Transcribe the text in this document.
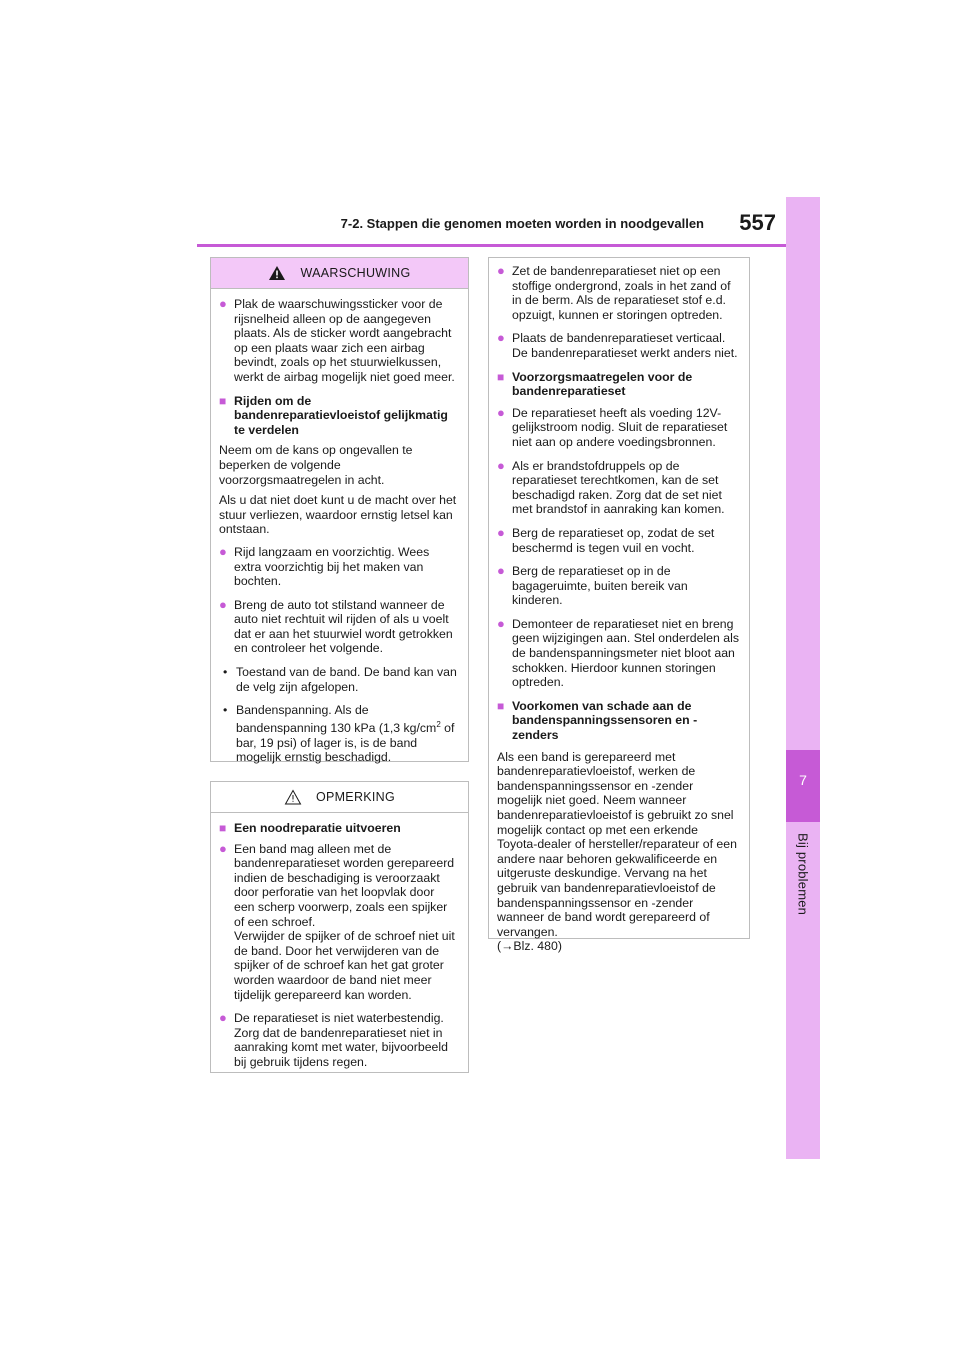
7
Bij problemen
7-2. Stappen die genomen moeten worden in noodgevallen	557
WAARSCHUWING
● Plak de waarschuwingssticker voor de rijsnelheid alleen op de aangegeven plaats. Als de sticker wordt aangebracht op een plaats waar zich een airbag bevindt, zoals op het stuurwielkussen, werkt de airbag mogelijk niet goed meer.
■ Rijden om de bandenreparatievloeistof gelijkmatig te verdelen
Neem om de kans op ongevallen te beperken de volgende voorzorgsmaatregelen in acht.
Als u dat niet doet kunt u de macht over het stuur verliezen, waardoor ernstig letsel kan ontstaan.
● Rijd langzaam en voorzichtig. Wees extra voorzichtig bij het maken van bochten.
● Breng de auto tot stilstand wanneer de auto niet rechtuit wil rijden of als u voelt dat er aan het stuurwiel wordt getrokken en controleer het volgende.
• Toestand van de band. De band kan van de velg zijn afgelopen.
• Bandenspanning. Als de bandenspanning 130 kPa (1,3 $kg/cm^2$ of bar, 19 psi) of lager is, is de band mogelijk ernstig beschadigd.
OPMERKING
■ Een noodreparatie uitvoeren
● Een band mag alleen met de bandenreparatieset worden gerepareerd indien de beschadiging is veroorzaakt door perforatie van het loopvlak door een scherp voorwerp, zoals een spijker of een schroef.
Verwijder de spijker of de schroef niet uit de band. Door het verwijderen van de spijker of de schroef kan het gat groter worden waardoor de band niet meer tijdelijk gerepareerd kan worden.
● De reparatieset is niet waterbestendig. Zorg dat de bandenreparatieset niet in aanraking komt met water, bijvoorbeeld bij gebruik tijdens regen.
● Zet de bandenreparatieset niet op een stoffige ondergrond, zoals in het zand of in de berm. Als de reparatieset stof e.d. opzuigt, kunnen er storingen optreden.
● Plaats de bandenreparatieset verticaal. De bandenreparatieset werkt anders niet.
■ Voorzorgsmaatregelen voor de bandenreparatieset
● De reparatieset heeft als voeding 12V-gelijkstroom nodig. Sluit de reparatieset niet aan op andere voedingsbronnen.
● Als er brandstofdruppels op de reparatieset terechtkomen, kan de set beschadigd raken. Zorg dat de set niet met brandstof in aanraking kan komen.
● Berg de reparatieset op, zodat de set beschermd is tegen vuil en vocht.
● Berg de reparatieset op in de bagageruimte, buiten bereik van kinderen.
● Demonteer de reparatieset niet en breng geen wijzigingen aan. Stel onderdelen als de bandenspanningsmeter niet bloot aan schokken. Hierdoor kunnen storingen optreden.
■ Voorkomen van schade aan de bandenspanningssensoren en -zenders
Als een band is gerepareerd met bandenreparatievloeistof, werken de bandenspanningssensor en -zender mogelijk niet goed. Neem wanneer bandenreparatievloeistof is gebruikt zo snel mogelijk contact op met een erkende Toyota-dealer of hersteller/reparateur of een andere naar behoren gekwalificeerde en uitgeruste deskundige. Vervang na het gebruik van bandenreparatievloeistof de bandenspanningssensor en -zender wanneer de band wordt gerepareerd of vervangen.
(→Blz. 480)
